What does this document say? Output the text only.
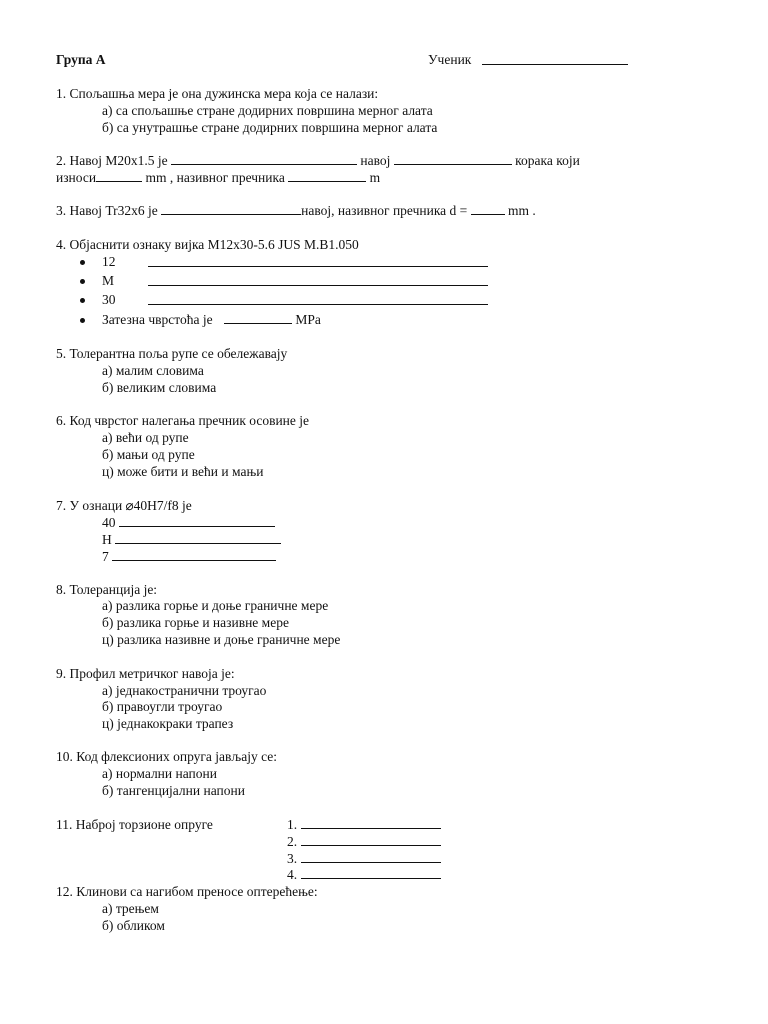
Група А	Ученик
1. Спољашња мера је она дужинска мера која се налази:
а) са спољашње стране додирних површина мерног алата
б) са унутрашње стране додирних површина мерног алата
2. Навој М20x1.5 је	навој	корака који
износи	mm , називног пречника	m
3. Навој Tr32x6 је	навој, називног пречника d =	mm .
4. Објаснити ознаку вијка М12x30-5.6 JUS M.B1.050
12
M
30
Затезна чврстоћа је	MPa
5. Толерантна поља рупе се обележавају
а) малим словима
б) великим словима
6. Код чврстог налегања пречник осовине је
а) већи од рупе
б) мањи од рупе
ц) може бити и већи и мањи
7. У ознаци ⌀40H7/f8 је
40
H
7
8. Толеранција је:
а) разлика горње и доње граничне мере
б) разлика горње и називне мере
ц) разлика називне и доње граничне мере
9. Профил метричког навоја је:
а) једнакостранични троугао
б) правоугли троугао
ц) једнакокраки трапез
10. Код флексионих опруга јављају се:
а) нормални напони
б) тангенцијални напони
11. Наброј торзионе опруге	1.
2.
3.
4.
12. Клинови са нагибом преносе оптерећење:
а) трењем
б) обликом
